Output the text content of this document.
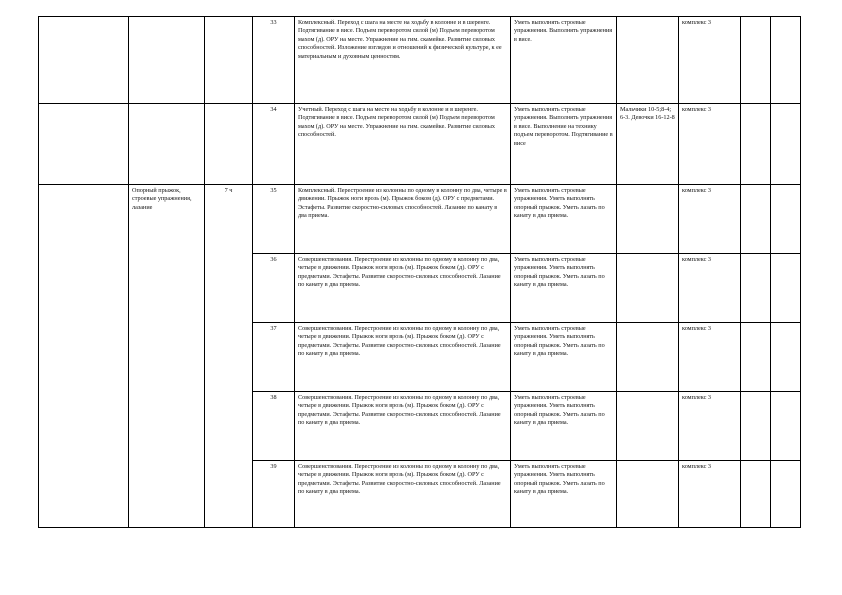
			33	Комплексный. Переход с шага на месте на ходьбу в колонне и в шеренге. Подтягивание в висе. Подъем переворотом силой (м) Подъем переворотом махом (д). ОРУ на месте. Упражнение на гим. скамейке. Развитие силовых способностей. Изложение взглядов и отношений к физической культуре, к ее материальным и духовным ценностям.	Уметь выполнять строевые упражнения. Выполнять упражнения в висе.		комплекс 3		
			34	Учетный. Переход с шага на месте на ходьбу в колонне и в шеренге. Подтягивание в висе. Подъем переворотом силой (м) Подъем переворотом махом (д). ОРУ на месте. Упражнение на гим. скамейке. Развитие силовых способностей.	Уметь выполнять строевые упражнения. Выполнять упражнения в висе. Выполнение на технику подъем переворотом. Подтягивание в висе	Мальчики 10-5;8-4; 6-3. Девочки 16-12-8	комплекс 3		
	Опорный прыжок, строевые упражнения, лазание	7 ч	35	Комплексный. Перестроение из колонны по одному в колонну по два, четыре в движении. Прыжок ноги врозь (м). Прыжок боком (д). ОРУ с предметами. Эстафеты. Развитие скоростно-силовых способностей. Лазание по канату в два приема.	Уметь выполнять строевые упражнения. Уметь выполнять опорный прыжок. Уметь лазать по канату в два приема.		комплекс 3		
			36	Совершенствования. Перестроение из колонны по одному в колонну по два, четыре в движении. Прыжок ноги врозь (м). Прыжок боком (д). ОРУ с предметами. Эстафеты. Развитие скоростно-силовых способностей. Лазание по канату в два приема.	Уметь выполнять строевые упражнения. Уметь выполнять опорный прыжок. Уметь лазать по канату в два приема.		комплекс 3		
			37	Совершенствования. Перестроение из колонны по одному в колонну по два, четыре в движении. Прыжок ноги врозь (м). Прыжок боком (д). ОРУ с предметами. Эстафеты. Развитие скоростно-силовых способностей. Лазание по канату в два приема.	Уметь выполнять строевые упражнения. Уметь выполнять опорный прыжок. Уметь лазать по канату в два приема.		комплекс 3		
			38	Совершенствования. Перестроение из колонны по одному в колонну по два, четыре в движении. Прыжок ноги врозь (м). Прыжок боком (д). ОРУ с предметами. Эстафеты. Развитие скоростно-силовых способностей. Лазание по канату в два приема.	Уметь выполнять строевые упражнения. Уметь выполнять опорный прыжок. Уметь лазать по канату в два приема.		комплекс 3		
			39	Совершенствования. Перестроение из колонны по одному в колонну по два, четыре в движении. Прыжок ноги врозь (м). Прыжок боком (д). ОРУ с предметами. Эстафеты. Развитие скоростно-силовых способностей. Лазание по канату в два приема.	Уметь выполнять строевые упражнения. Уметь выполнять опорный прыжок. Уметь лазать по канату в два приема.		комплекс 3		
